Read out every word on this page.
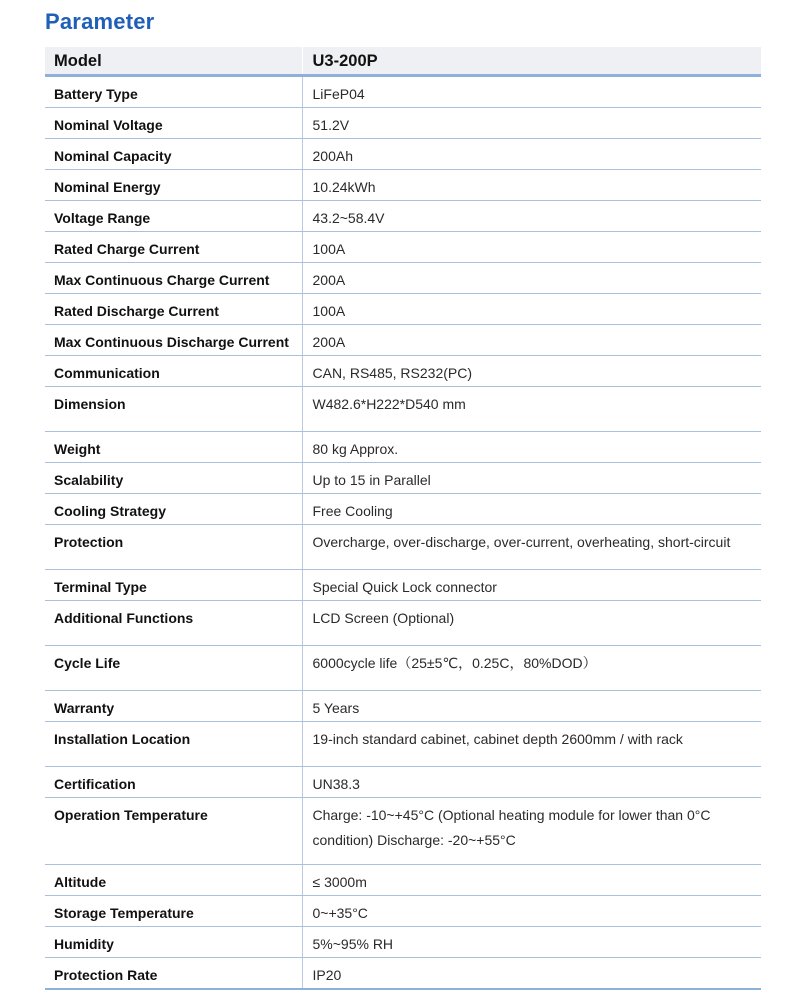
Parameter
Model	U3-200P

Battery Type	LiFeP04

Nominal Voltage	51.2V

Nominal Capacity	200Ah

Nominal Energy	10.24kWh

Voltage Range	43.2~58.4V

Rated Charge Current	100A

Max Continuous Charge Current	200A

Rated Discharge Current	100A

Max Continuous Discharge Current	200A

Communication	CAN, RS485, RS232(PC)

Dimension	W482.6*H222*D540 mm

Weight	80 kg Approx.

Scalability	Up to 15 in Parallel

Cooling Strategy	Free Cooling

Protection	Overcharge, over-discharge, over-current, overheating, short-circuit

Terminal Type	Special Quick Lock connector

Additional Functions	LCD Screen (Optional)

Cycle Life	6000cycle life（25±5℃，0.25C，80%DOD）

Warranty	5 Years

Installation Location	19-inch standard cabinet, cabinet depth 2600mm / with rack

Certification	UN38.3

Operation Temperature	Charge: -10~+45°C (Optional heating module for lower than 0°C
condition) Discharge: -20~+55°C

Altitude	≤ 3000m

Storage Temperature	0~+35°C

Humidity	5%~95% RH

Protection Rate	IP20
